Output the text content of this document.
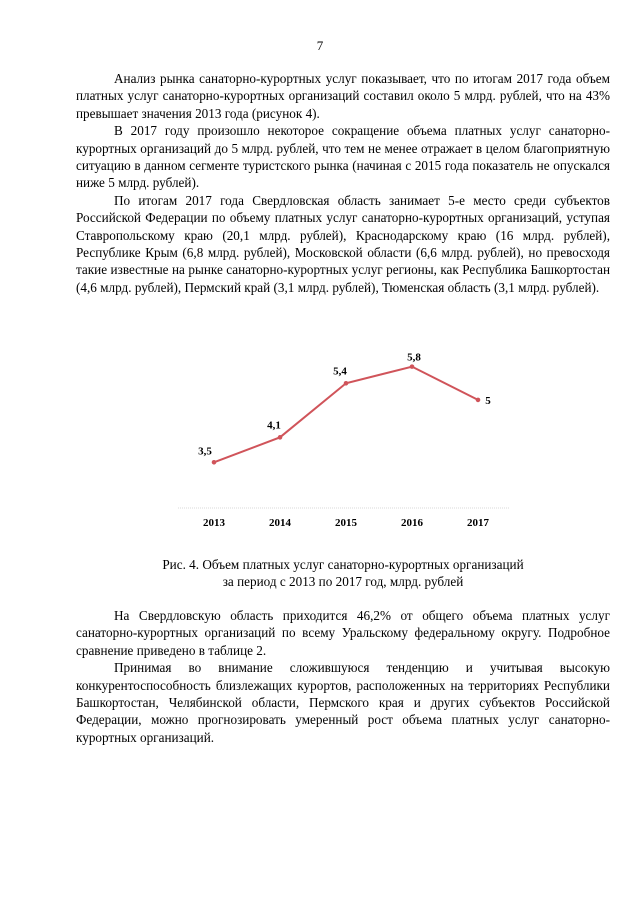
7

Анализ рынка санаторно-курортных услуг показывает, что по итогам 2017 года объем платных услуг санаторно-курортных организаций составил около 5 млрд. рублей, что на 43% превышает значения 2013 года (рисунок 4).

В 2017 году произошло некоторое сокращение объема платных услуг санаторно-курортных организаций до 5 млрд. рублей, что тем не менее отражает в целом благоприятную ситуацию в данном сегменте туристского рынка (начиная с 2015 года показатель не опускался ниже 5 млрд. рублей).

По итогам 2017 года Свердловская область занимает 5-е место среди субъектов Российской Федерации по объему платных услуг санаторно-курортных организаций, уступая Ставропольскому краю (20,1 млрд. рублей), Краснодарскому краю (16 млрд. рублей), Республике Крым (6,8 млрд. рублей), Московской области (6,6 млрд. рублей), но превосходя такие известные на рынке санаторно-курортных услуг регионы, как Республика Башкортостан (4,6 млрд. рублей), Пермский край (3,1 млрд. рублей), Тюменская область (3,1 млрд. рублей).

3,5
4,1
5,4
5,8
5
2013	2014	2015	2016	2017
Рис. 4. Объем платных услуг санаторно-курортных организаций
за период с 2013 по 2017 год, млрд. рублей

На Свердловскую область приходится 46,2% от общего объема платных услуг санаторно-курортных организаций по всему Уральскому федеральному округу. Подробное сравнение приведено в таблице 2.

Принимая во внимание сложившуюся тенденцию и учитывая высокую конкурентоспособность близлежащих курортов, расположенных на территориях Республики Башкортостан, Челябинской области, Пермского края и других субъектов Российской Федерации, можно прогнозировать умеренный рост объема платных услуг санаторно-курортных организаций.
